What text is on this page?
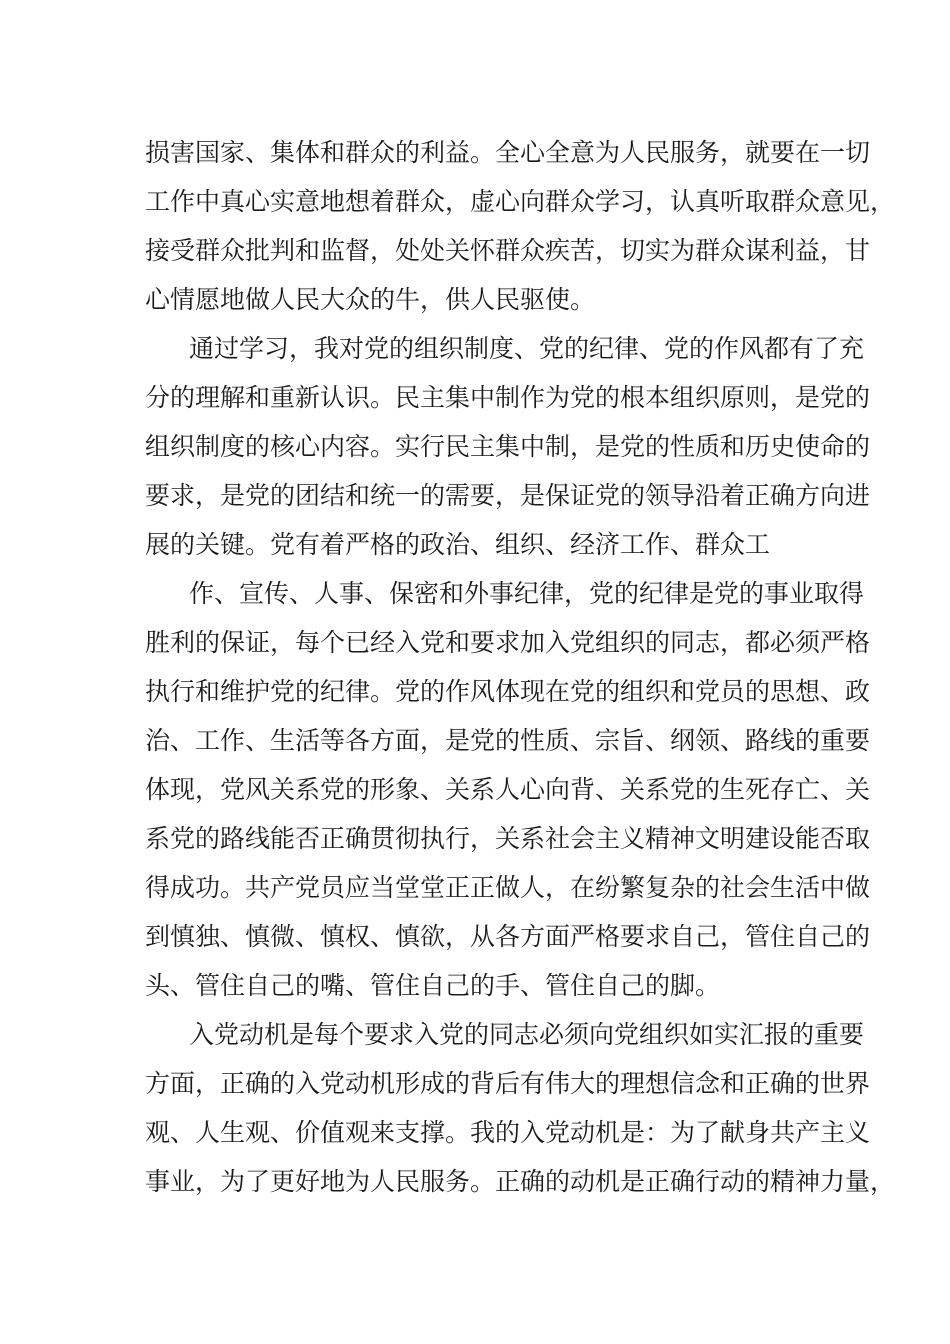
损害国家、集体和群众的利益。全心全意为人民服务，就要在一切
工作中真心实意地想着群众，虚心向群众学习，认真听取群众意见，
接受群众批判和监督，处处关怀群众疾苦，切实为群众谋利益，甘
心情愿地做人民大众的牛，供人民驱使。
通过学习，我对党的组织制度、党的纪律、党的作风都有了充
分的理解和重新认识。民主集中制作为党的根本组织原则，是党的
组织制度的核心内容。实行民主集中制，是党的性质和历史使命的
要求，是党的团结和统一的需要，是保证党的领导沿着正确方向进
展的关键。党有着严格的政治、组织、经济工作、群众工
作、宣传、人事、保密和外事纪律，党的纪律是党的事业取得
胜利的保证，每个已经入党和要求加入党组织的同志，都必须严格
执行和维护党的纪律。党的作风体现在党的组织和党员的思想、政
治、工作、生活等各方面，是党的性质、宗旨、纲领、路线的重要
体现，党风关系党的形象、关系人心向背、关系党的生死存亡、关
系党的路线能否正确贯彻执行，关系社会主义精神文明建设能否取
得成功。共产党员应当堂堂正正做人，在纷繁复杂的社会生活中做
到慎独、慎微、慎权、慎欲，从各方面严格要求自己，管住自己的
头、管住自己的嘴、管住自己的手、管住自己的脚。
入党动机是每个要求入党的同志必须向党组织如实汇报的重要
方面，正确的入党动机形成的背后有伟大的理想信念和正确的世界
观、人生观、价值观来支撑。我的入党动机是：为了献身共产主义
事业，为了更好地为人民服务。正确的动机是正确行动的精神力量，
